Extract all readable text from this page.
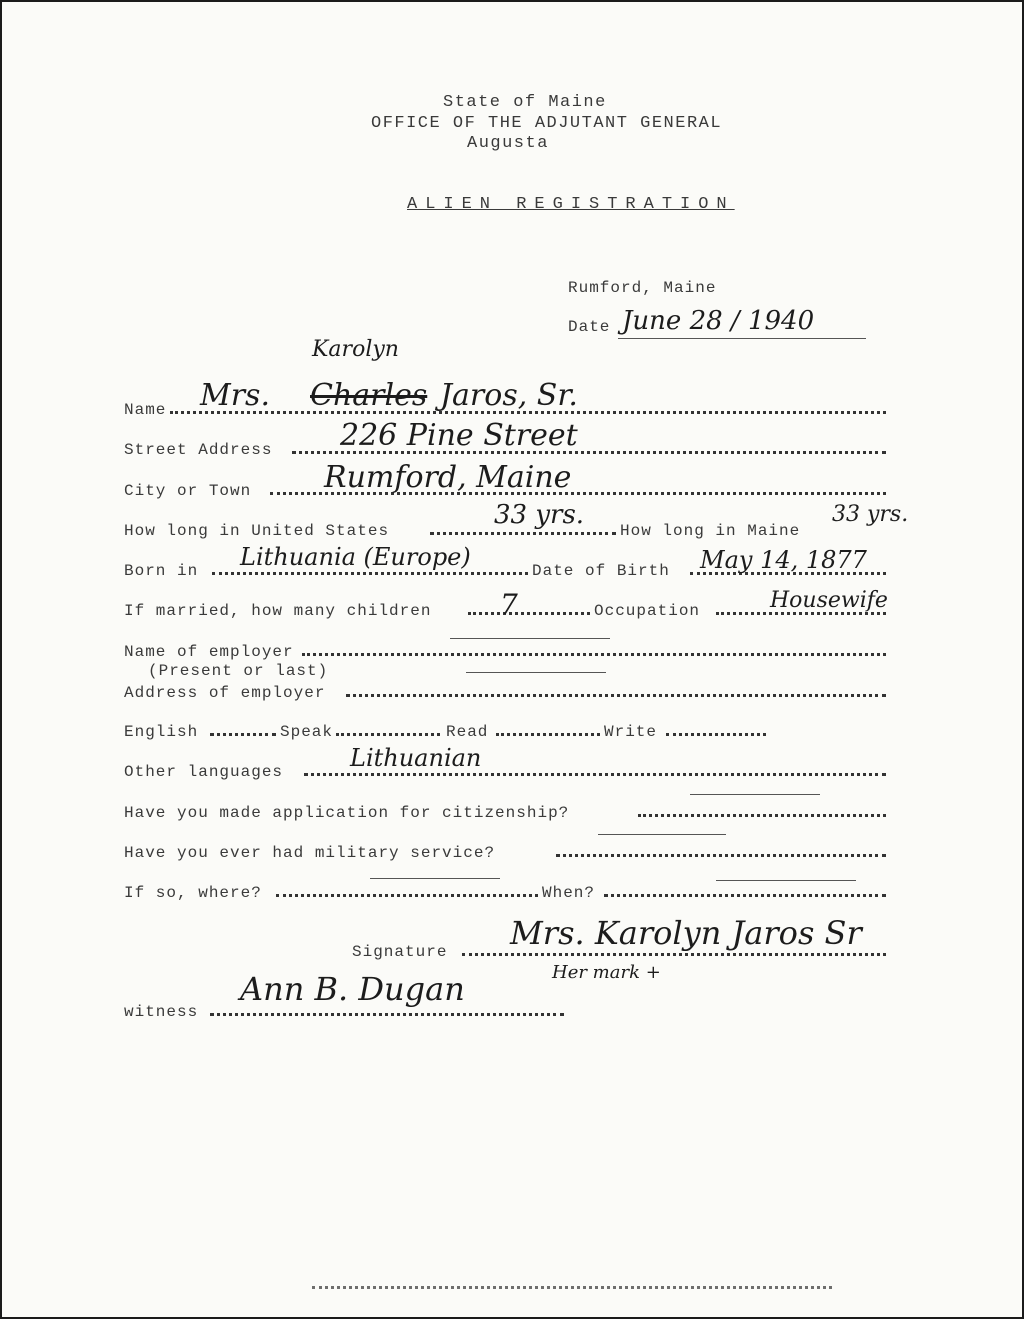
State of Maine
OFFICE OF THE ADJUTANT GENERAL
Augusta
ALIEN REGISTRATION
Rumford, Maine
Date June 28 / 1940
Karolyn
Name Mrs. Charles Jaros, Sr.
Street Address 226 Pine Street
City or Town Rumford, Maine
How long in United States
33 yrs.
How long in Maine
33 yrs.
Born in Lithuania (Europe)	Date of Birth May 14, 1877
If married, how many children 7	Occupation	Housewife
Name of employer
(Present or last)
Address of employer
English	Speak	Read	Write
Other languages	Lithuanian
Have you made application for citizenship?
Have you ever had military service?
If so, where?	When?
Signature Mrs. Karolyn Jaros Sr
Her mark +
witness
Ann B. Dugan
